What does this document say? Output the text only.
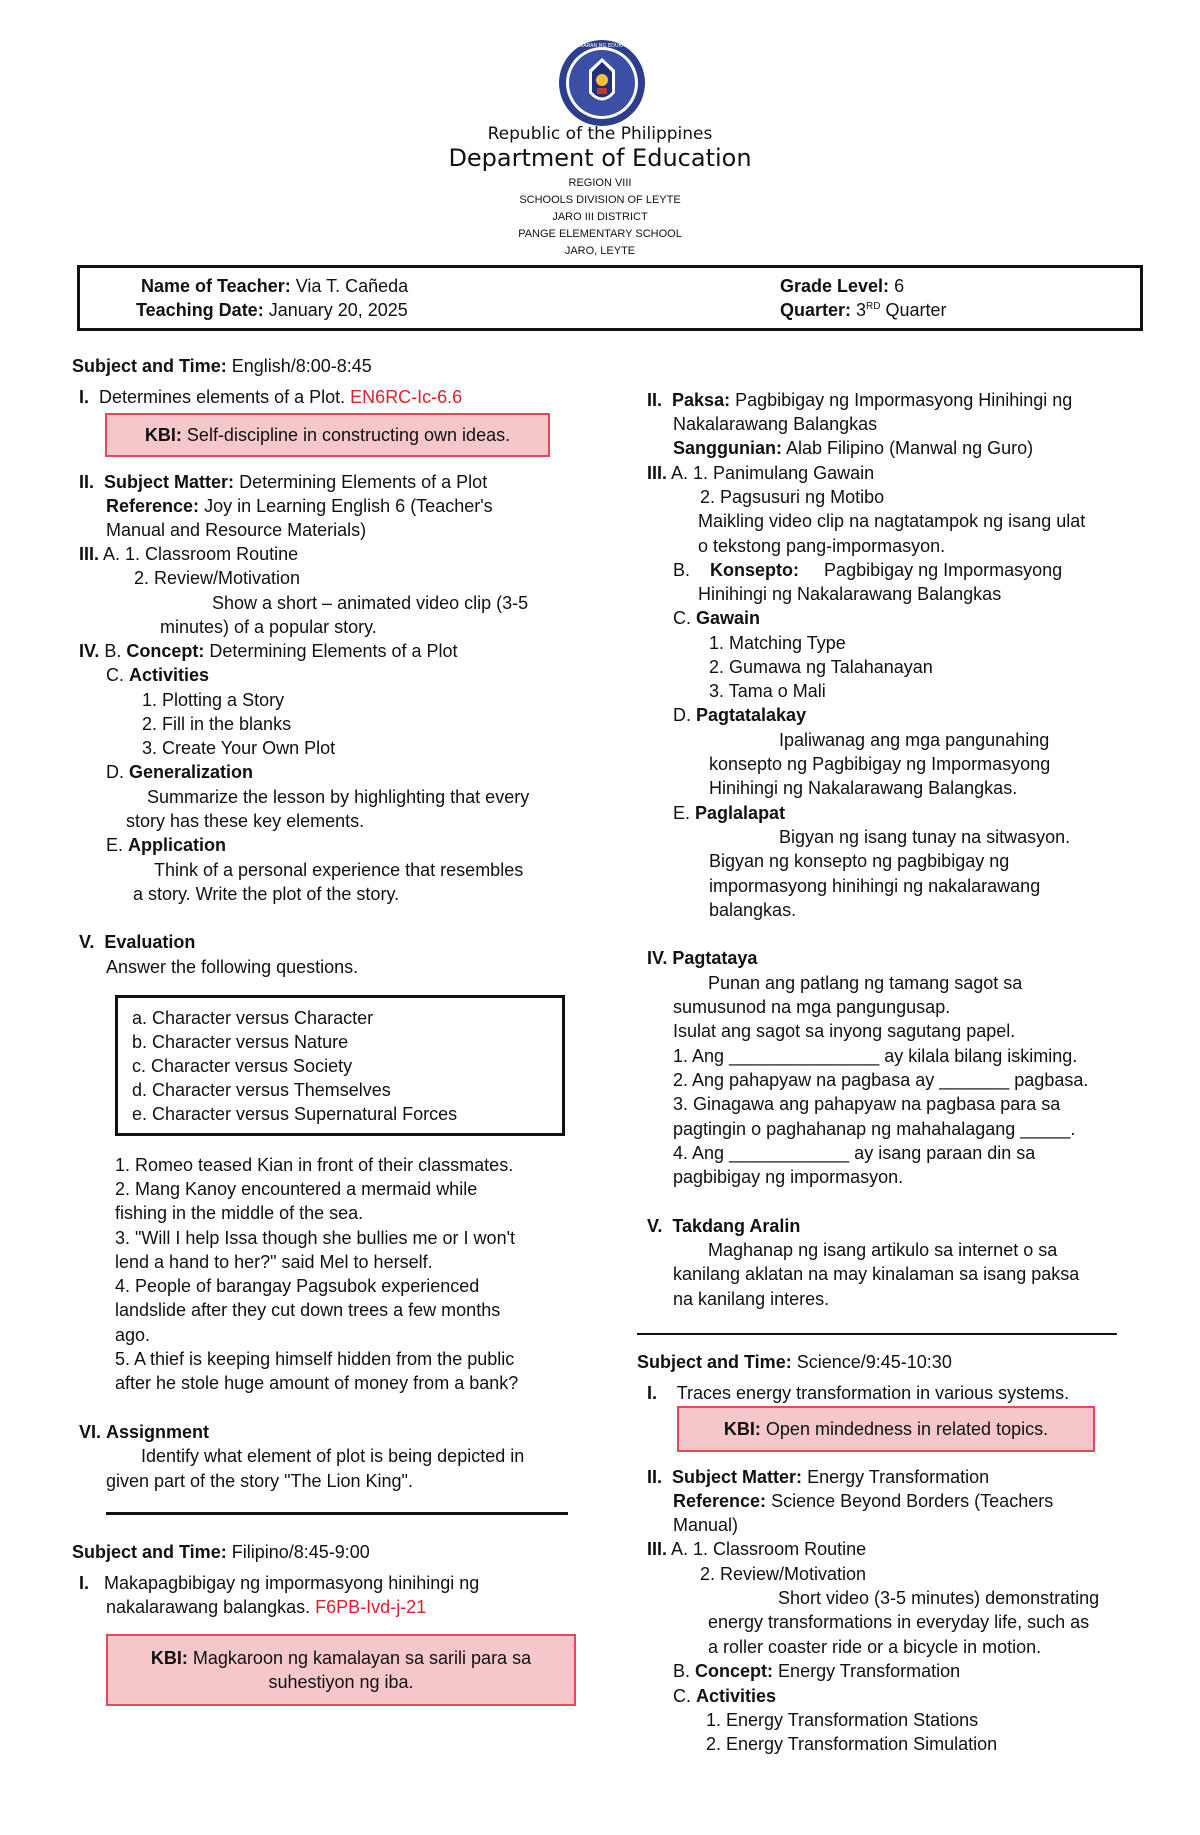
KAGAWARAN NG EDUKASYON
Republic of the Philippines
Department of Education
REGION VIII
SCHOOLS DIVISION OF LEYTE
JARO III DISTRICT
PANGE ELEMENTARY SCHOOL
JARO, LEYTE
Name of Teacher: Via T. Cañeda
Teaching Date: January 20, 2025
Grade Level: 6
Quarter: 3RD Quarter
Subject and Time: English/8:00-8:45
I. Determines elements of a Plot. EN6RC-Ic-6.6
KBI: Self-discipline in constructing own ideas.
II. Subject Matter: Determining Elements of a Plot
Reference: Joy in Learning English 6 (Teacher's
Manual and Resource Materials)
III. A. 1. Classroom Routine
2. Review/Motivation
Show a short – animated video clip (3-5
minutes) of a popular story.
IV. B. Concept: Determining Elements of a Plot
C. Activities
1. Plotting a Story
2. Fill in the blanks
3. Create Your Own Plot
D. Generalization
Summarize the lesson by highlighting that every
story has these key elements.
E. Application
Think of a personal experience that resembles
a story. Write the plot of the story.
V. Evaluation
Answer the following questions.
a. Character versus Character
b. Character versus Nature
c. Character versus Society
d. Character versus Themselves
e. Character versus Supernatural Forces
1. Romeo teased Kian in front of their classmates.
2. Mang Kanoy encountered a mermaid while
fishing in the middle of the sea.
3. "Will I help Issa though she bullies me or I won't
lend a hand to her?" said Mel to herself.
4. People of barangay Pagsubok experienced
landslide after they cut down trees a few months
ago.
5. A thief is keeping himself hidden from the public
after he stole huge amount of money from a bank?
VI. Assignment
Identify what element of plot is being depicted in
given part of the story "The Lion King".
Subject and Time: Filipino/8:45-9:00
I. Makapagbibigay ng impormasyong hinihingi ng
nakalarawang balangkas. F6PB-Ivd-j-21
KBI: Magkaroon ng kamalayan sa sarili para sa
suhestiyon ng iba.
II. Paksa: Pagbibigay ng Impormasyong Hinihingi ng
Nakalarawang Balangkas
Sanggunian: Alab Filipino (Manwal ng Guro)
III. A. 1. Panimulang Gawain
2. Pagsusuri ng Motibo
Maikling video clip na nagtatampok ng isang ulat
o tekstong pang-impormasyon.
B. Konsepto: Pagbibigay ng Impormasyong
Hinihingi ng Nakalarawang Balangkas
C. Gawain
1. Matching Type
2. Gumawa ng Talahanayan
3. Tama o Mali
D. Pagtatalakay
Ipaliwanag ang mga pangunahing
konsepto ng Pagbibigay ng Impormasyong
Hinihingi ng Nakalarawang Balangkas.
E. Paglalapat
Bigyan ng isang tunay na sitwasyon.
Bigyan ng konsepto ng pagbibigay ng
impormasyong hinihingi ng nakalarawang
balangkas.
IV. Pagtataya
Punan ang patlang ng tamang sagot sa
sumusunod na mga pangungusap.
Isulat ang sagot sa inyong sagutang papel.
1. Ang _______________ ay kilala bilang iskiming.
2. Ang pahapyaw na pagbasa ay _______ pagbasa.
3. Ginagawa ang pahapyaw na pagbasa para sa
pagtingin o paghahanap ng mahahalagang _____.
4. Ang ____________ ay isang paraan din sa
pagbibigay ng impormasyon.
V. Takdang Aralin
Maghanap ng isang artikulo sa internet o sa
kanilang aklatan na may kinalaman sa isang paksa
na kanilang interes.
Subject and Time: Science/9:45-10:30
I. Traces energy transformation in various systems.
KBI: Open mindedness in related topics.
II. Subject Matter: Energy Transformation
Reference: Science Beyond Borders (Teachers
Manual)
III. A. 1. Classroom Routine
2. Review/Motivation
Short video (3-5 minutes) demonstrating
energy transformations in everyday life, such as
a roller coaster ride or a bicycle in motion.
B. Concept: Energy Transformation
C. Activities
1. Energy Transformation Stations
2. Energy Transformation Simulation
